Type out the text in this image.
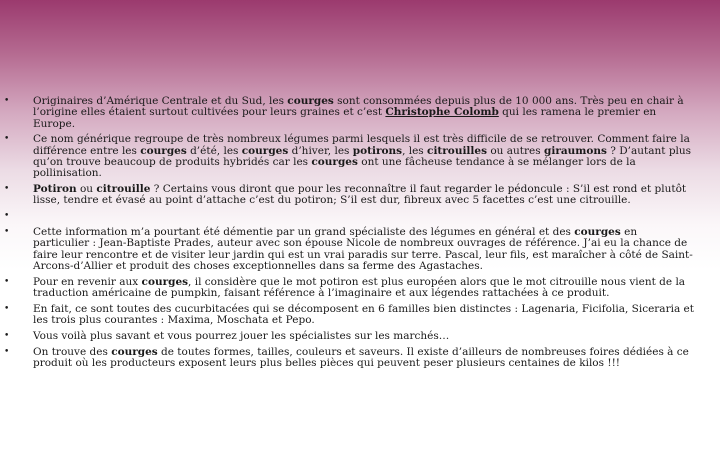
• Originaires d’Amérique Centrale et du Sud, les courges sont consommées depuis plus de 10 000 ans. Très peu en chair à l’origine elles étaient surtout cultivées pour leurs graines et c’est Christophe Colomb qui les ramena le premier en Europe.
• Ce nom générique regroupe de très nombreux légumes parmi lesquels il est très difficile de se retrouver. Comment faire la différence entre les courges d’été, les courges d’hiver, les potirons, les citrouilles ou autres giraumons ? D’autant plus qu’on trouve beaucoup de produits hybridés car les courges ont une fâcheuse tendance à se mélanger lors de la pollinisation.
• Potiron ou citrouille ? Certains vous diront que pour les reconnaître il faut regarder le pédoncule : S’il est rond et plutôt lisse, tendre et évasé au point d’attache c’est du potiron; S’il est dur, fibreux avec 5 facettes c’est une citrouille.
•
• Cette information m’a pourtant été démentie par un grand spécialiste des légumes en général et des courges en particulier : Jean-Baptiste Prades, auteur avec son épouse Nicole de nombreux ouvrages de référence. J’ai eu la chance de faire leur rencontre et de visiter leur jardin qui est un vrai paradis sur terre. Pascal, leur fils, est maraîcher à côté de Saint-Arcons-d’Allier et produit des choses exceptionnelles dans sa ferme des Agastaches.
• Pour en revenir aux courges, il considère que le mot potiron est plus européen alors que le mot citrouille nous vient de la traduction américaine de pumpkin, faisant référence à l’imaginaire et aux légendes rattachées à ce produit.
• En fait, ce sont toutes des cucurbitacées qui se décomposent en 6 familles bien distinctes : Lagenaria, Ficifolia, Siceraria et les trois plus courantes : Maxima, Moschata et Pepo.
• Vous voilà plus savant et vous pourrez jouer les spécialistes sur les marchés…
• On trouve des courges de toutes formes, tailles, couleurs et saveurs. Il existe d’ailleurs de nombreuses foires dédiées à ce produit où les producteurs exposent leurs plus belles pièces qui peuvent peser plusieurs centaines de kilos !!!
